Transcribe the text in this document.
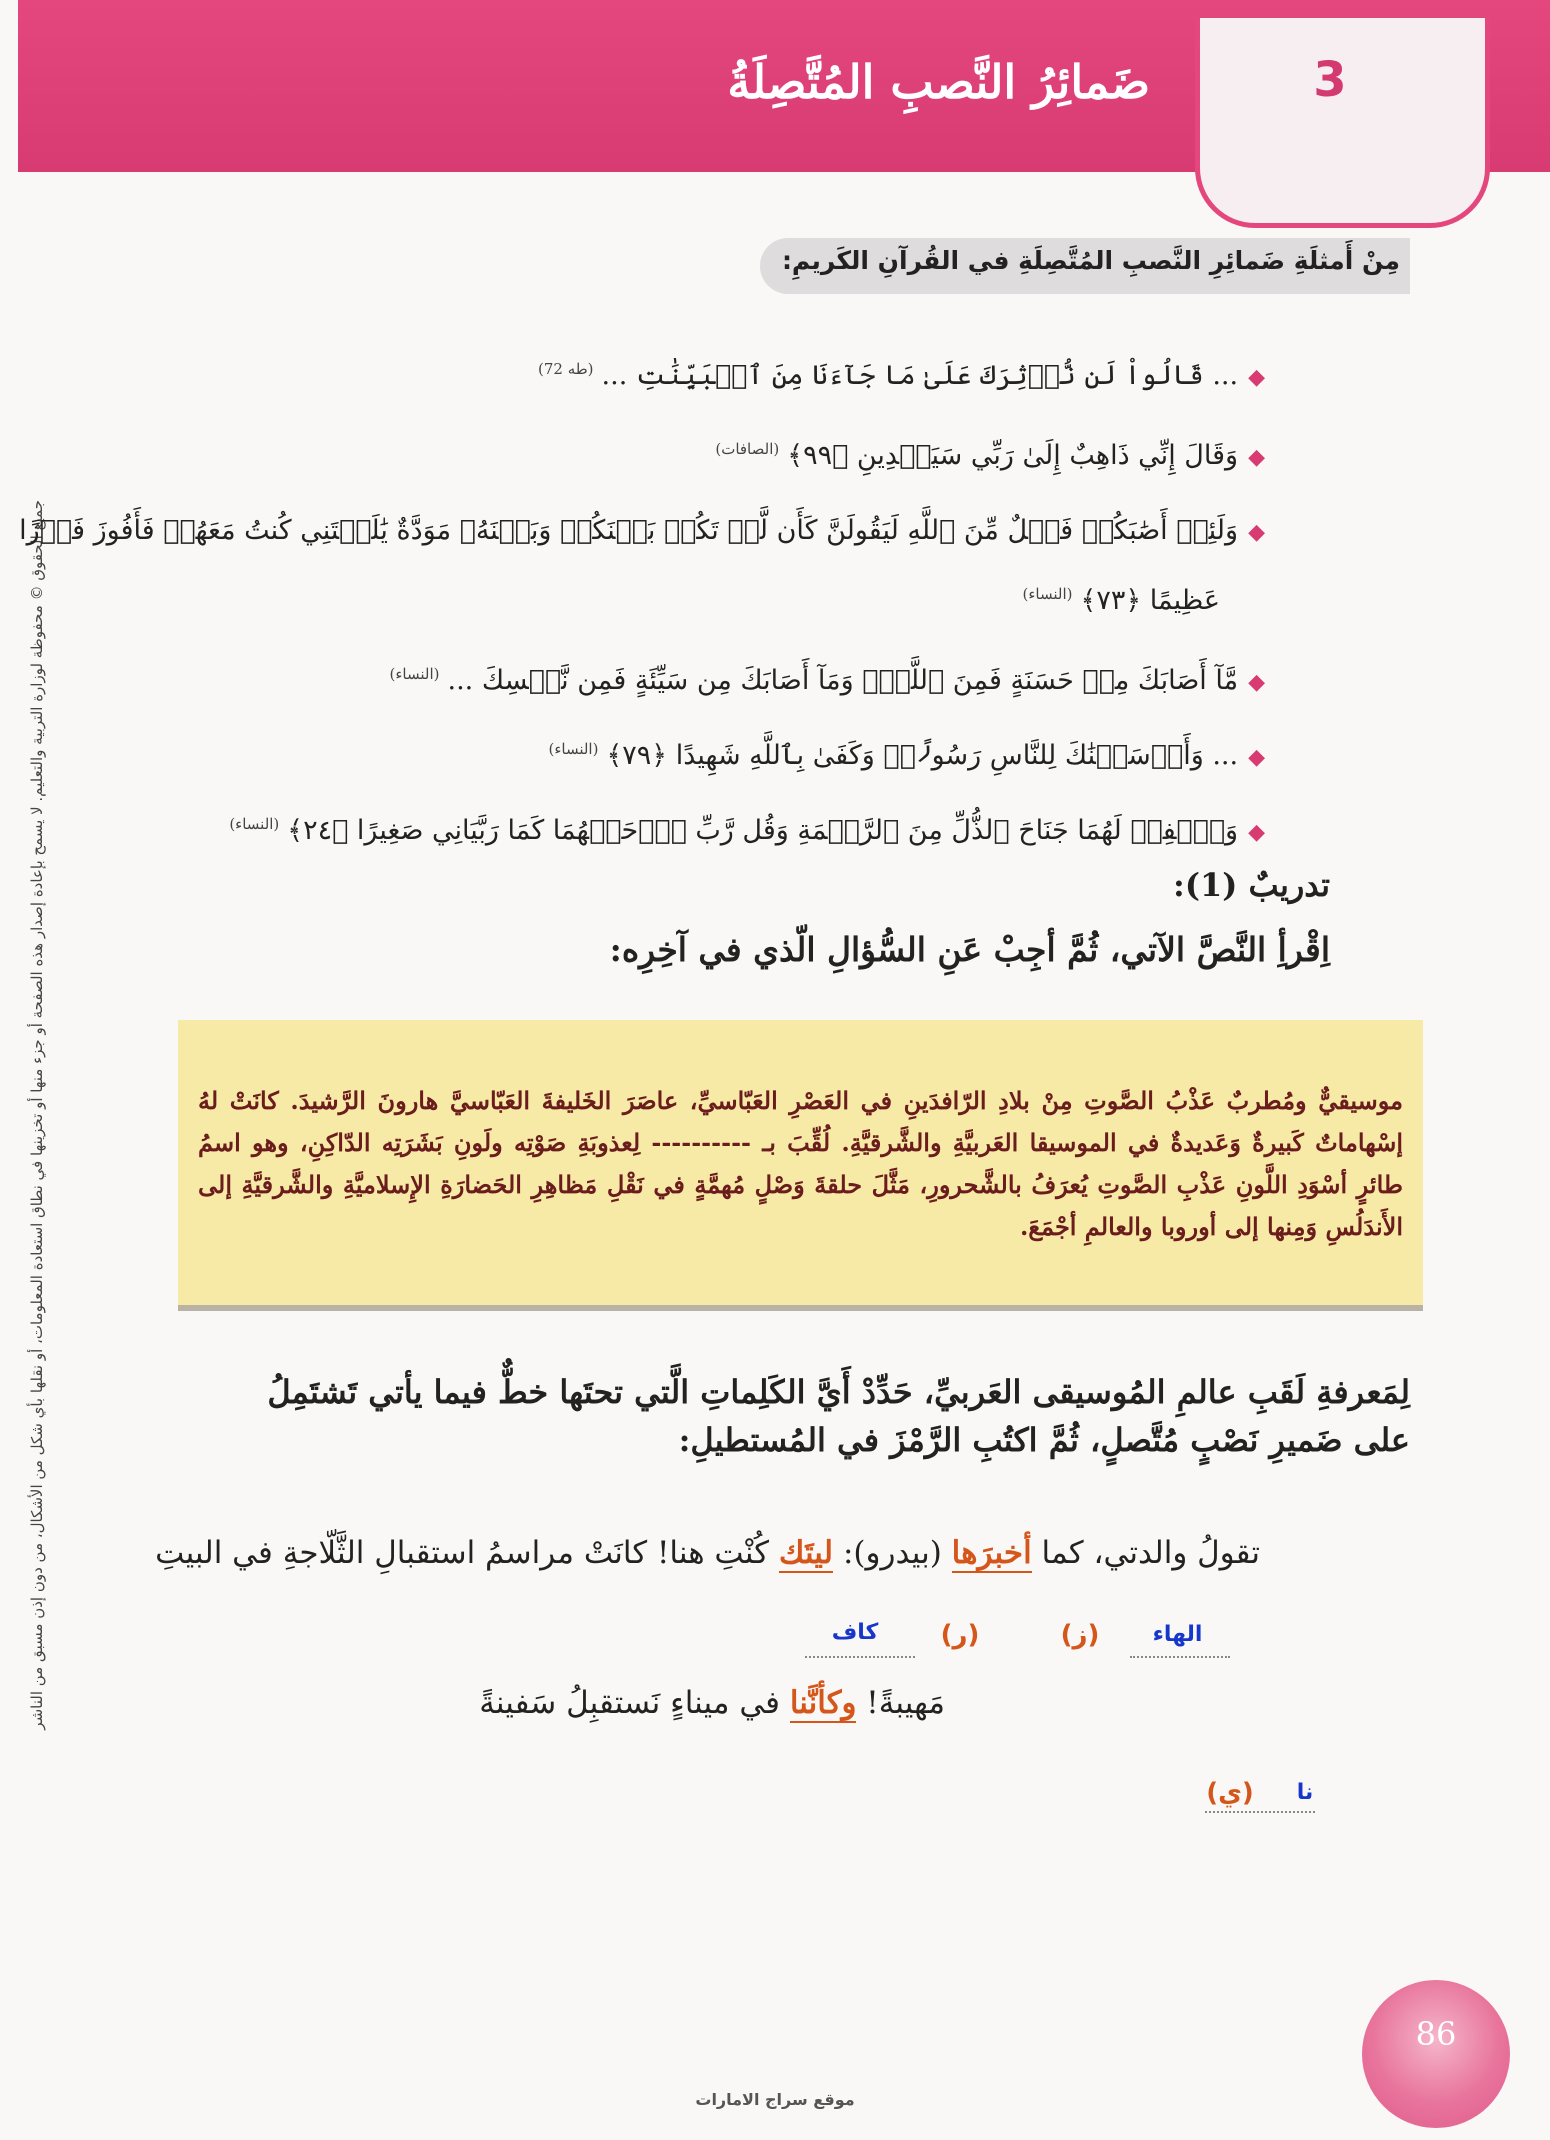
3
ضَمائِرُ النَّصبِ المُتَّصِلَةُ
جميع الحقوق © محفوظة لوزارة التربية والتعليم. لا يسمح بإعادة إصدار هذه الصفحة أو جزء منها أو تخزينها في نطاق استعادة المعلومات، أو نقلها بأي شكل من الأشكال، من دون إذن مسبق من الناشر
مِنْ أَمثلَةِ ضَمائِرِ النَّصبِ المُتَّصِلَةِ في القُرآنِ الكَريمِ:
◆... قَالُواْ لَن نُّؤۡثِرَكَ عَلَىٰ مَا جَآءَنَا مِنَ ٱلۡبَيِّنَٰتِ ...$^{(طه 72)}$
◆وَقَالَ إِنِّي ذَاهِبٌ إِلَىٰ رَبِّي سَيَهۡدِينِ ﴿٩٩﴾$^{(الصافات)}$
◆وَلَئِنۡ أَصَٰبَكُمۡ فَضۡلٌ مِّنَ ٱللَّهِ لَيَقُولَنَّ كَأَن لَّمۡ تَكُنۢ بَيۡنَكُمۡ وَبَيۡنَهُۥ مَوَدَّةٌ يَٰلَيۡتَنِي كُنتُ مَعَهُمۡ فَأَفُوزَ فَوۡزًا
عَظِيمًا ﴿٧٣﴾$^{(النساء)}$
◆مَّآ أَصَابَكَ مِنۡ حَسَنَةٍ فَمِنَ ٱللَّهِۖ وَمَآ أَصَابَكَ مِن سَيِّئَةٍ فَمِن نَّفۡسِكَ ...$^{(النساء)}$
◆... وَأَرۡسَلۡنَٰكَ لِلنَّاسِ رَسُولًاۚ وَكَفَىٰ بِٱللَّهِ شَهِيدًا ﴿٧٩﴾$^{(النساء)}$
◆وَٱخۡفِضۡ لَهُمَا جَنَاحَ ٱلذُّلِّ مِنَ ٱلرَّحۡمَةِ وَقُل رَّبِّ ٱرۡحَمۡهُمَا كَمَا رَبَّيَانِي صَغِيرًا ﴿٢٤﴾$^{(النساء)}$
تدريبٌ (1):
اِقْرأِ النَّصَّ الآتي، ثُمَّ أجِبْ عَنِ السُّؤالِ الّذي في آخِرِه:
موسيقيٌّ ومُطربٌ عَذْبُ الصَّوتِ مِنْ بلادِ الرّافدَينِ في العَصْرِ العَبّاسيِّ، عاصَرَ الخَليفةَ العَبّاسيَّ هارونَ الرَّشيدَ. كانَتْ لهُ إسْهاماتٌ كَبيرةٌ وَعَديدةٌ في الموسيقا العَربيَّةِ والشَّرقيَّةِ. لُقِّبَ بـ ---------- لِعذوبَةِ صَوْتِه ولَونِ بَشَرَتِه الدّاكِنِ، وهو اسمُ طائرٍ أسْوَدِ اللَّونِ عَذْبِ الصَّوتِ يُعرَفُ بالشَّحرورِ، مَثَّلَ حلقةَ وَصْلٍ مُهمَّةٍ في نَقْلِ مَظاهِرِ الحَضارَةِ الإِسلاميَّةِ والشَّرقيَّةِ إلى الأَندَلُسِ وَمِنها إلى أوروبا والعالمِ أجْمَعَ.
لِمَعرفةِ لَقَبِ عالمِ المُوسيقى العَربيِّ، حَدِّدْ أَيَّ الكَلِماتِ الَّتي تحتَها خطٌّ فيما يأتي تَشتَمِلُ على ضَميرِ نَصْبٍ مُتَّصلٍ، ثُمَّ اكتُبِ الرَّمْزَ في المُستطيلِ:
تقولُ والدتي، كما أخبرَها (بيدرو): ليتَك كُنْتِ هنا! كانَتْ مراسمُ استقبالِ الثَّلّاجةِ في البيتِ
الهاء
(ز)
(ر)
كاف
مَهيبةً! وكأنَّنا في ميناءٍ نَستقبِلُ سَفينةً
نا
(ي)
86
موقع سراج الامارات
